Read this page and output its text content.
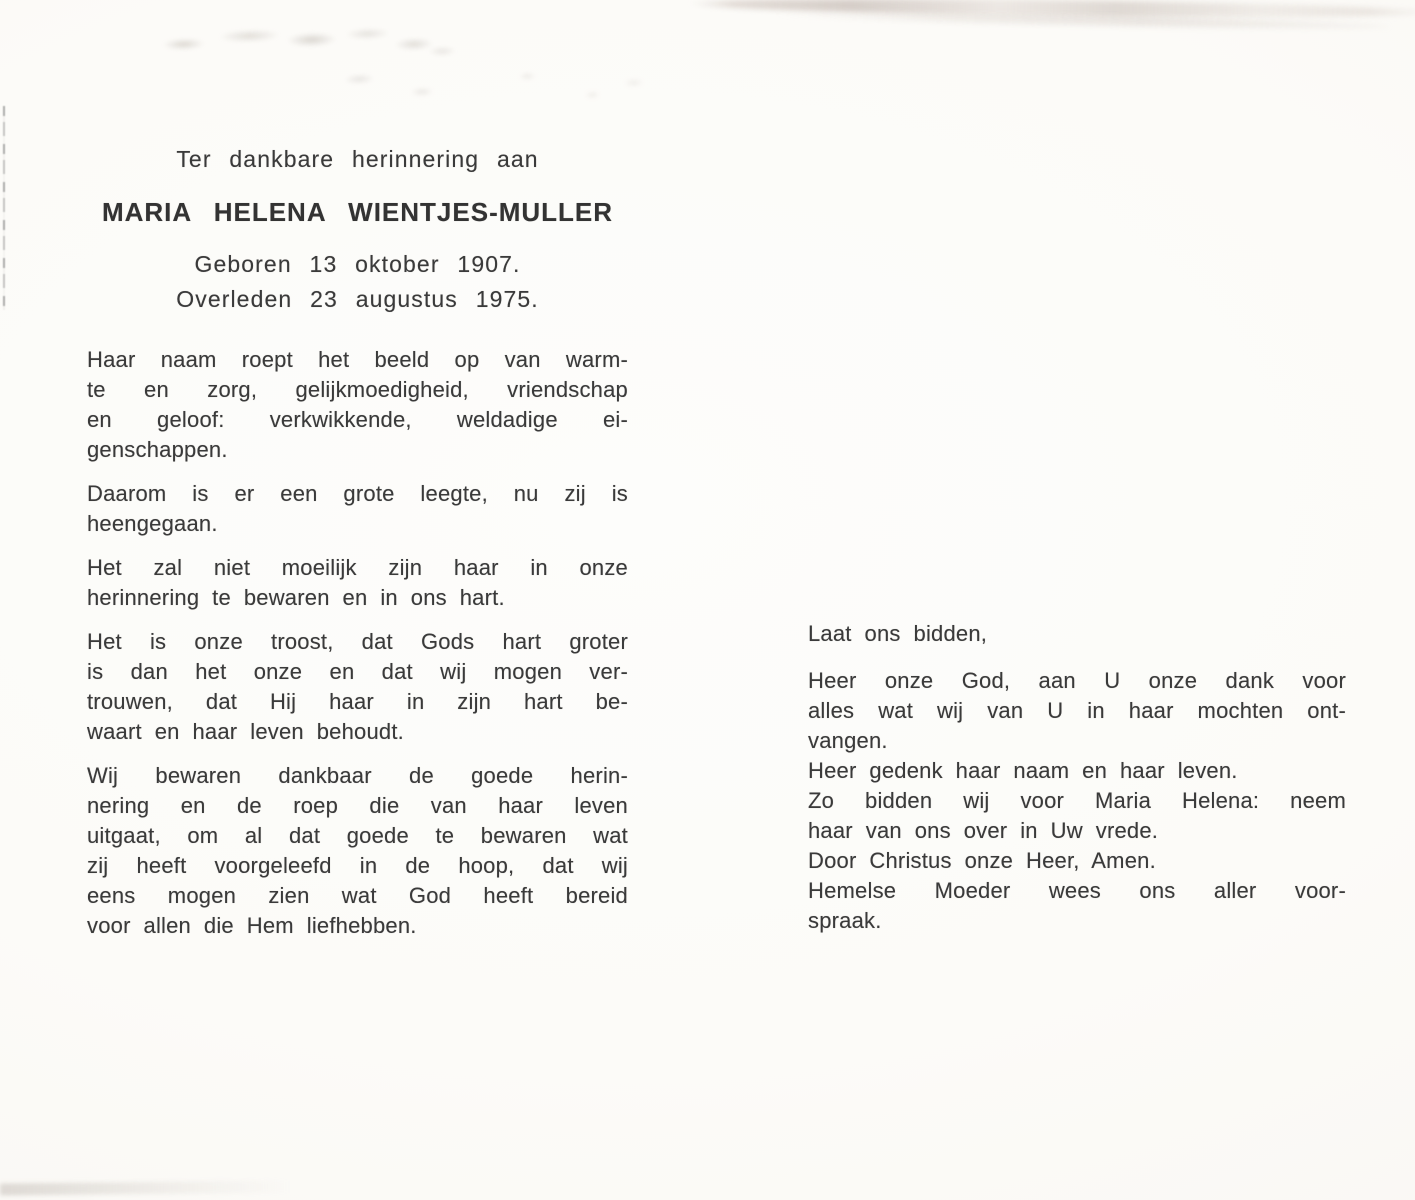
Ter dankbare herinnering aan
MARIA HELENA WIENTJES-MULLER
Geboren 13 oktober 1907.
Overleden 23 augustus 1975.

Haar naam roept het beeld op van warm-
te en zorg, gelijkmoedigheid, vriendschap
en geloof: verkwikkende, weldadige ei-
genschappen.

Daarom is er een grote leegte, nu zij is
heengegaan.

Het zal niet moeilijk zijn haar in onze
herinnering te bewaren en in ons hart.

Het is onze troost, dat Gods hart groter
is dan het onze en dat wij mogen ver-
trouwen, dat Hij haar in zijn hart be-
waart en haar leven behoudt.

Wij bewaren dankbaar de goede herin-
nering en de roep die van haar leven
uitgaat, om al dat goede te bewaren wat
zij heeft voorgeleefd in de hoop, dat wij
eens mogen zien wat God heeft bereid
voor allen die Hem liefhebben.

Laat ons bidden,
Heer onze God, aan U onze dank voor
alles wat wij van U in haar mochten ont-
vangen.
Heer gedenk haar naam en haar leven.
Zo bidden wij voor Maria Helena: neem
haar van ons over in Uw vrede.
Door Christus onze Heer, Amen.
Hemelse Moeder wees ons aller voor-
spraak.
